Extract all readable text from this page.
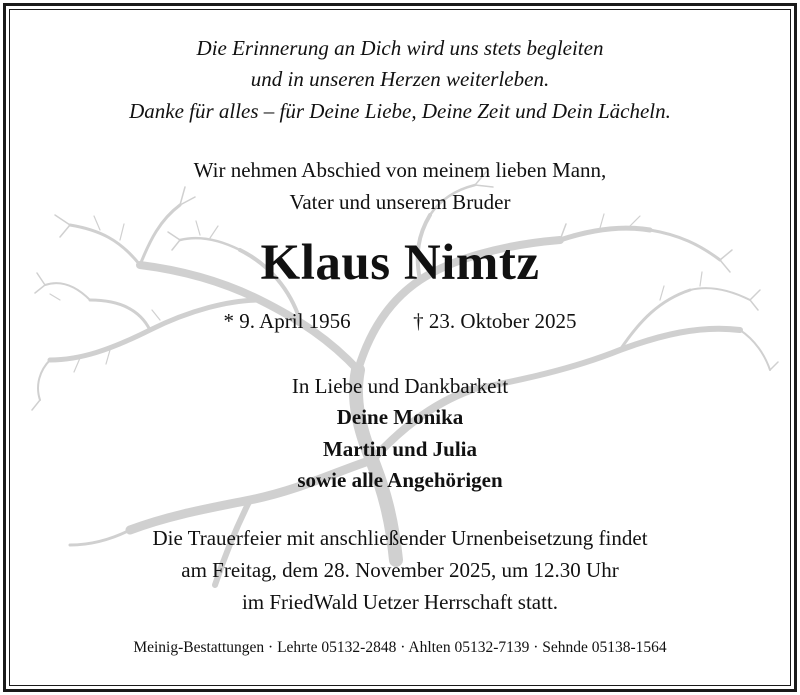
Die Erinnerung an Dich wird uns stets begleiten
und in unseren Herzen weiterleben.
Danke für alles – für Deine Liebe, Deine Zeit und Dein Lächeln.
Wir nehmen Abschied von meinem lieben Mann,
Vater und unserem Bruder
Klaus Nimtz
* 9. April 1956	† 23. Oktober 2025
In Liebe und Dankbarkeit
Deine Monika
Martin und Julia
sowie alle Angehörigen
Die Trauerfeier mit anschließender Urnenbeisetzung findet
am Freitag, dem 28. November 2025, um 12.30 Uhr
im FriedWald Uetzer Herrschaft statt.
Meinig-Bestattungen · Lehrte 05132-2848 · Ahlten 05132-7139 · Sehnde 05138-1564
